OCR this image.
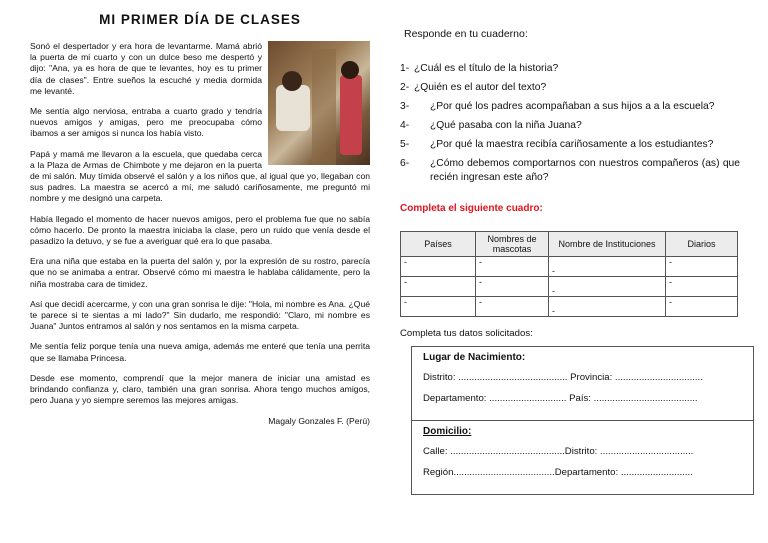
MI PRIMER DÍA DE CLASES

Sonó el despertador y era hora de levantarme. Mamá abrió la puerta de mi cuarto y con un dulce beso me despertó y dijo: "Ana, ya es hora de que te levantes, hoy es tu primer día de clases". Entre sueños la escuché y media dormida me levanté.

Me sentía algo nerviosa, entraba a cuarto grado y tendría nuevos amigos y amigas, pero me preocupaba cómo íbamos a ser amigos si nunca los había visto.

Papá y mamá me llevaron a la escuela, que quedaba cerca a la Plaza de Armas de Chimbote y me dejaron en la puerta de mi salón. Muy tímida observé el salón y a los niños que, al igual que yo, llegaban con sus padres. La maestra se acercó a mí, me saludó cariñosamente, me preguntó mi nombre y me designó una carpeta.

Había llegado el momento de hacer nuevos amigos, pero el problema fue que no sabía cómo hacerlo. De pronto la maestra iniciaba la clase, pero un ruido que venía desde el pasadizo la detuvo, y se fue a averiguar qué era lo que pasaba.

Era una niña que estaba en la puerta del salón y, por la expresión de su rostro, parecía que no se animaba a entrar. Observé cómo mi maestra le hablaba cálidamente, pero la niña mostraba cara de timidez.

Así que decidí acercarme, y con una gran sonrisa le dije: "Hola, mi nombre es Ana. ¿Qué te parece si te sientas a mi lado?" Sin dudarlo, me respondió: "Claro, mi nombre es Juana" Juntos entramos al salón y nos sentamos en la misma carpeta.

Me sentía feliz porque tenía una nueva amiga, además me enteré que tenía una perrita que se llamaba Princesa.

Desde ese momento, comprendí que la mejor manera de iniciar una amistad es brindando confianza y, claro, también una gran sonrisa. Ahora tengo muchos amigos, pero Juana y yo siempre seremos las mejores amigas.

Magaly Gonzales F. (Perú)
Responde en tu cuaderno:
1- ¿Cuál es el título de la historia?
2- ¿Quién es el autor del texto?
3-	¿Por qué los padres acompañaban a sus hijos a a la escuela?
4-	¿Qué pasaba con la niña Juana?
5-	¿Por qué la maestra recibía cariñosamente a los estudiantes?
6-	¿Cómo debemos comportarnos con nuestros compañeros (as) que recién ingresan este año?
Completa el siguiente cuadro:
Países	Nombres de mascotas	Nombre de Instituciones	Diarios
-	-	-	-
-	-	-	-
-	-	-	-
Completa tus datos solicitados:
Lugar de Nacimiento:
Distrito: ......................................... Provincia: .................................
Departamento: ............................. País: .......................................
Domicilio:
Calle: ...........................................Distrito: ...................................
Región......................................Departamento: ...........................
